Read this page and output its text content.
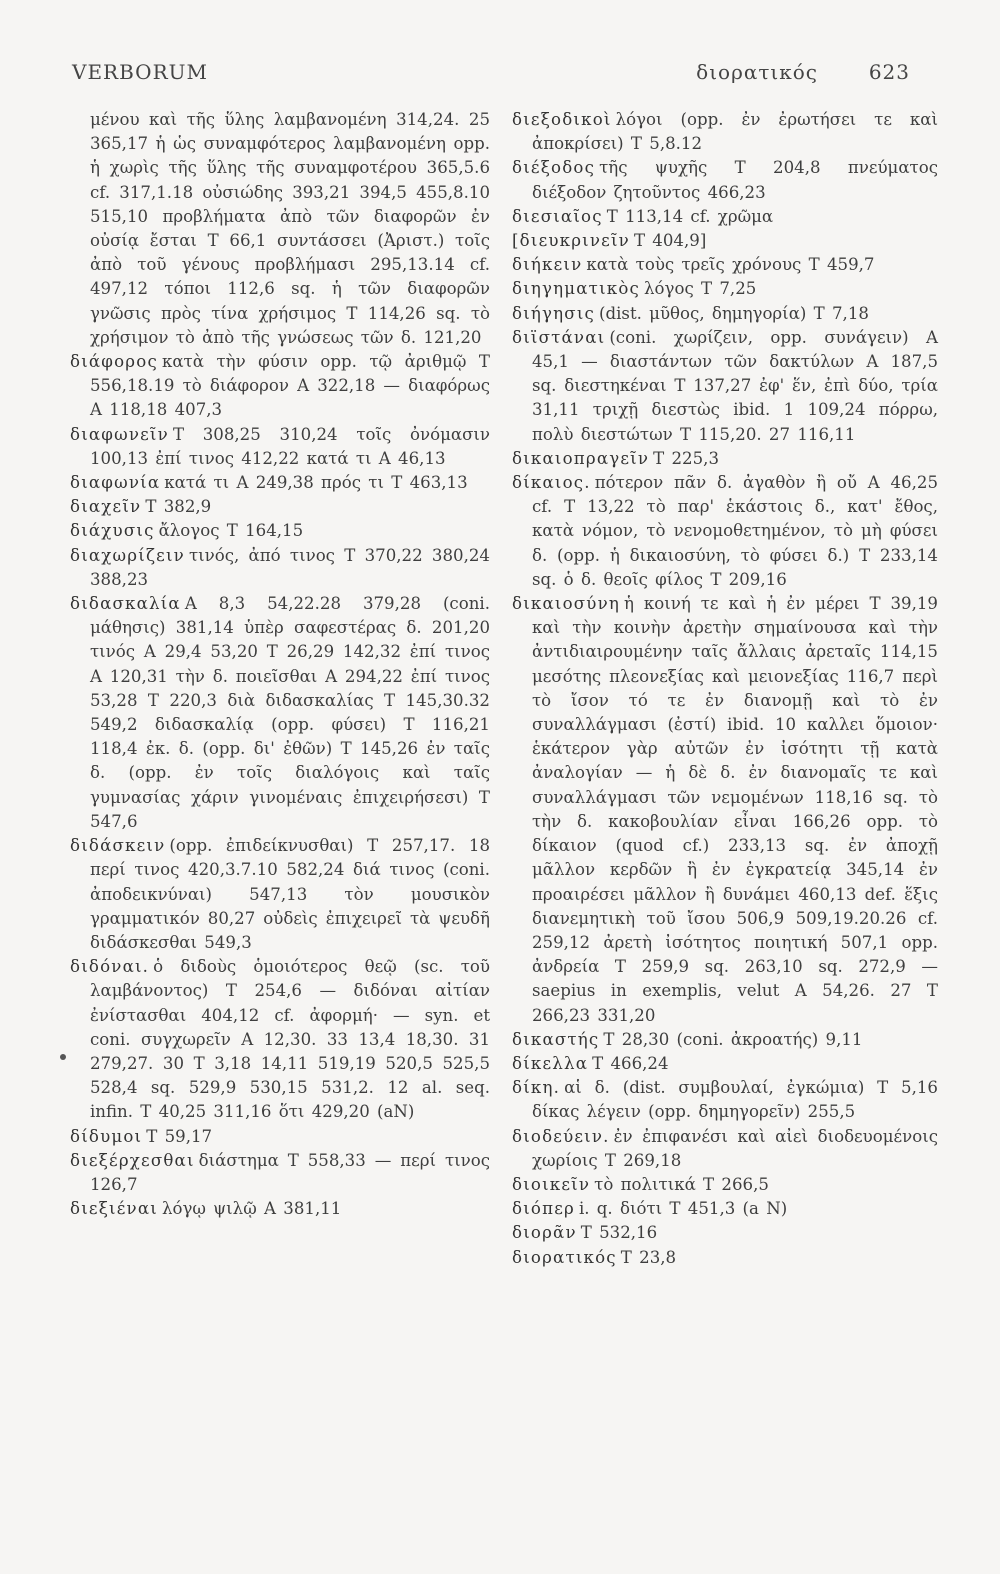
VERBORUM	διορατικός	623

μένου καὶ τῆς ὕλης λαμβανομένη 314,24. 25 365,17 ἡ ὡς συναμφότερος λαμβανομένη opp. ἡ χωρὶς τῆς ὕλης τῆς συναμφοτέρου 365,5.6 cf. 317,1.18 οὐσιώδης 393,21 394,5 455,8.10 515,10 προβλήματα ἀπὸ τῶν διαφορῶν ἐν οὐσίᾳ ἔσται T 66,1 συντάσσει (Ἀριστ.) τοῖς ἀπὸ τοῦ γένους προβλήμασι 295,13.14 cf. 497,12 τόποι 112,6 sq. ἡ τῶν διαφορῶν γνῶσις πρὸς τίνα χρήσιμος T 114,26 sq. τὸ χρήσιμον τὸ ἀπὸ τῆς γνώσεως τῶν δ. 121,20

διάφορος κατὰ τὴν φύσιν opp. τῷ ἀριθμῷ T 556,18.19 τὸ διάφορον A 322,18 — διαφόρως A 118,18 407,3

διαφωνεῖν T 308,25 310,24 τοῖς ὀνόμασιν 100,13 ἐπί τινος 412,22 κατά τι A 46,13

διαφωνία κατά τι A 249,38 πρός τι T 463,13

διαχεῖν T 382,9

διάχυσις ἄλογος T 164,15

διαχωρίζειν τινός, ἀπό τινος T 370,22 380,24 388,23

διδασκαλία A 8,3 54,22.28 379,28 (coni. μάθησις) 381,14 ὑπὲρ σαφεστέρας δ. 201,20 τινός A 29,4 53,20 T 26,29 142,32 ἐπί τινος A 120,31 τὴν δ. ποιεῖσθαι A 294,22 ἐπί τινος 53,28 T 220,3 διὰ διδασκαλίας T 145,30.32 549,2 διδασκαλίᾳ (opp. φύσει) T 116,21 118,4 ἐκ. δ. (opp. δι' ἐθῶν) T 145,26 ἐν ταῖς δ. (opp. ἐν τοῖς διαλόγοις καὶ ταῖς γυμνασίας χάριν γινομέναις ἐπιχειρήσεσι) T 547,6

διδάσκειν (opp. ἐπιδείκνυσθαι) T 257,17. 18 περί τινος 420,3.7.10 582,24 διά τινος (coni. ἀποδεικνύναι) 547,13 τὸν μουσικὸν γραμματικόν 80,27 οὐδεὶς ἐπιχειρεῖ τὰ ψευδῆ διδάσκεσθαι 549,3

διδόναι. ὁ διδοὺς ὁμοιότερος θεῷ (sc. τοῦ λαμβάνοντος) T 254,6 — διδόναι αἰτίαν ἐνίστασθαι 404,12 cf. ἀφορμή· — syn. et coni. συγχωρεῖν A 12,30. 33 13,4 18,30. 31 279,27. 30 T 3,18 14,11 519,19 520,5 525,5 528,4 sq. 529,9 530,15 531,2. 12 al. seq. infin. T 40,25 311,16 ὅτι 429,20 (aN)

δίδυμοι T 59,17

διεξέρχεσθαι διάστημα T 558,33 — περί τινος 126,7

διεξιέναι λόγῳ ψιλῷ A 381,11

διεξοδικοὶ λόγοι (opp. ἐν ἐρωτήσει τε καὶ ἀποκρίσει) T 5,8.12

διέξοδος τῆς ψυχῆς T 204,8 πνεύματος διέξοδον ζητοῦντος 466,23

διεσιαῖος T 113,14 cf. χρῶμα

[διευκρινεῖν T 404,9]

διήκειν κατὰ τοὺς τρεῖς χρόνους T 459,7

διηγηματικὸς λόγος T 7,25

διήγησις (dist. μῦθος, δημηγορία) T 7,18

διϊστάναι (coni. χωρίζειν, opp. συνάγειν) A 45,1 — διαστάντων τῶν δακτύλων A 187,5 sq. διεστηκέναι T 137,27 ἐφ' ἕν, ἐπὶ δύο, τρία 31,11 τριχῇ διεστὼς ibid. 1 109,24 πόρρω, πολὺ διεστώτων T 115,20. 27 116,11

δικαιοπραγεῖν T 225,3

δίκαιος. πότερον πᾶν δ. ἀγαθὸν ἢ οὔ A 46,25 cf. T 13,22 τὸ παρ' ἑκάστοις δ., κατ' ἔθος, κατὰ νόμον, τὸ νενομοθετημένον, τὸ μὴ φύσει δ. (opp. ἡ δικαιοσύνη, τὸ φύσει δ.) T 233,14 sq. ὁ δ. θεοῖς φίλος T 209,16

δικαιοσύνη ἡ κοινή τε καὶ ἡ ἐν μέρει T 39,19 καὶ τὴν κοινὴν ἀρετὴν σημαίνουσα καὶ τὴν ἀντιδιαιρουμένην ταῖς ἄλλαις ἀρεταῖς 114,15 μεσότης πλεονεξίας καὶ μειονεξίας 116,7 περὶ τὸ ἴσον τό τε ἐν διανομῇ καὶ τὸ ἐν συναλλάγμασι (ἐστί) ibid. 10 καλλει ὅμοιον· ἑκάτερον γὰρ αὐτῶν ἐν ἰσότητι τῇ κατὰ ἀναλογίαν — ἡ δὲ δ. ἐν διανομαῖς τε καὶ συναλλάγμασι τῶν νεμομένων 118,16 sq. τὸ τὴν δ. κακοβουλίαν εἶναι 166,26 opp. τὸ δίκαιον (quod cf.) 233,13 sq. ἐν ἀποχῇ μᾶλλον κερδῶν ἢ ἐν ἐγκρατείᾳ 345,14 ἐν προαιρέσει μᾶλλον ἢ δυνάμει 460,13 def. ἕξις διανεμητικὴ τοῦ ἴσου 506,9 509,19.20.26 cf. 259,12 ἀρετὴ ἰσότητος ποιητική 507,1 opp. ἀνδρεία T 259,9 sq. 263,10 sq. 272,9 — saepius in exemplis, velut A 54,26. 27 T 266,23 331,20

δικαστής T 28,30 (coni. ἀκροατής) 9,11

δίκελλα T 466,24

δίκη. αἱ δ. (dist. συμβουλαί, ἐγκώμια) T 5,16 δίκας λέγειν (opp. δημηγορεῖν) 255,5

διοδεύειν. ἐν ἐπιφανέσι καὶ αἰεὶ διοδευομένοις χωρίοις T 269,18

διοικεῖν τὸ πολιτικά T 266,5

διόπερ i. q. διότι T 451,3 (a N)

διορᾶν T 532,16

διορατικός T 23,8
